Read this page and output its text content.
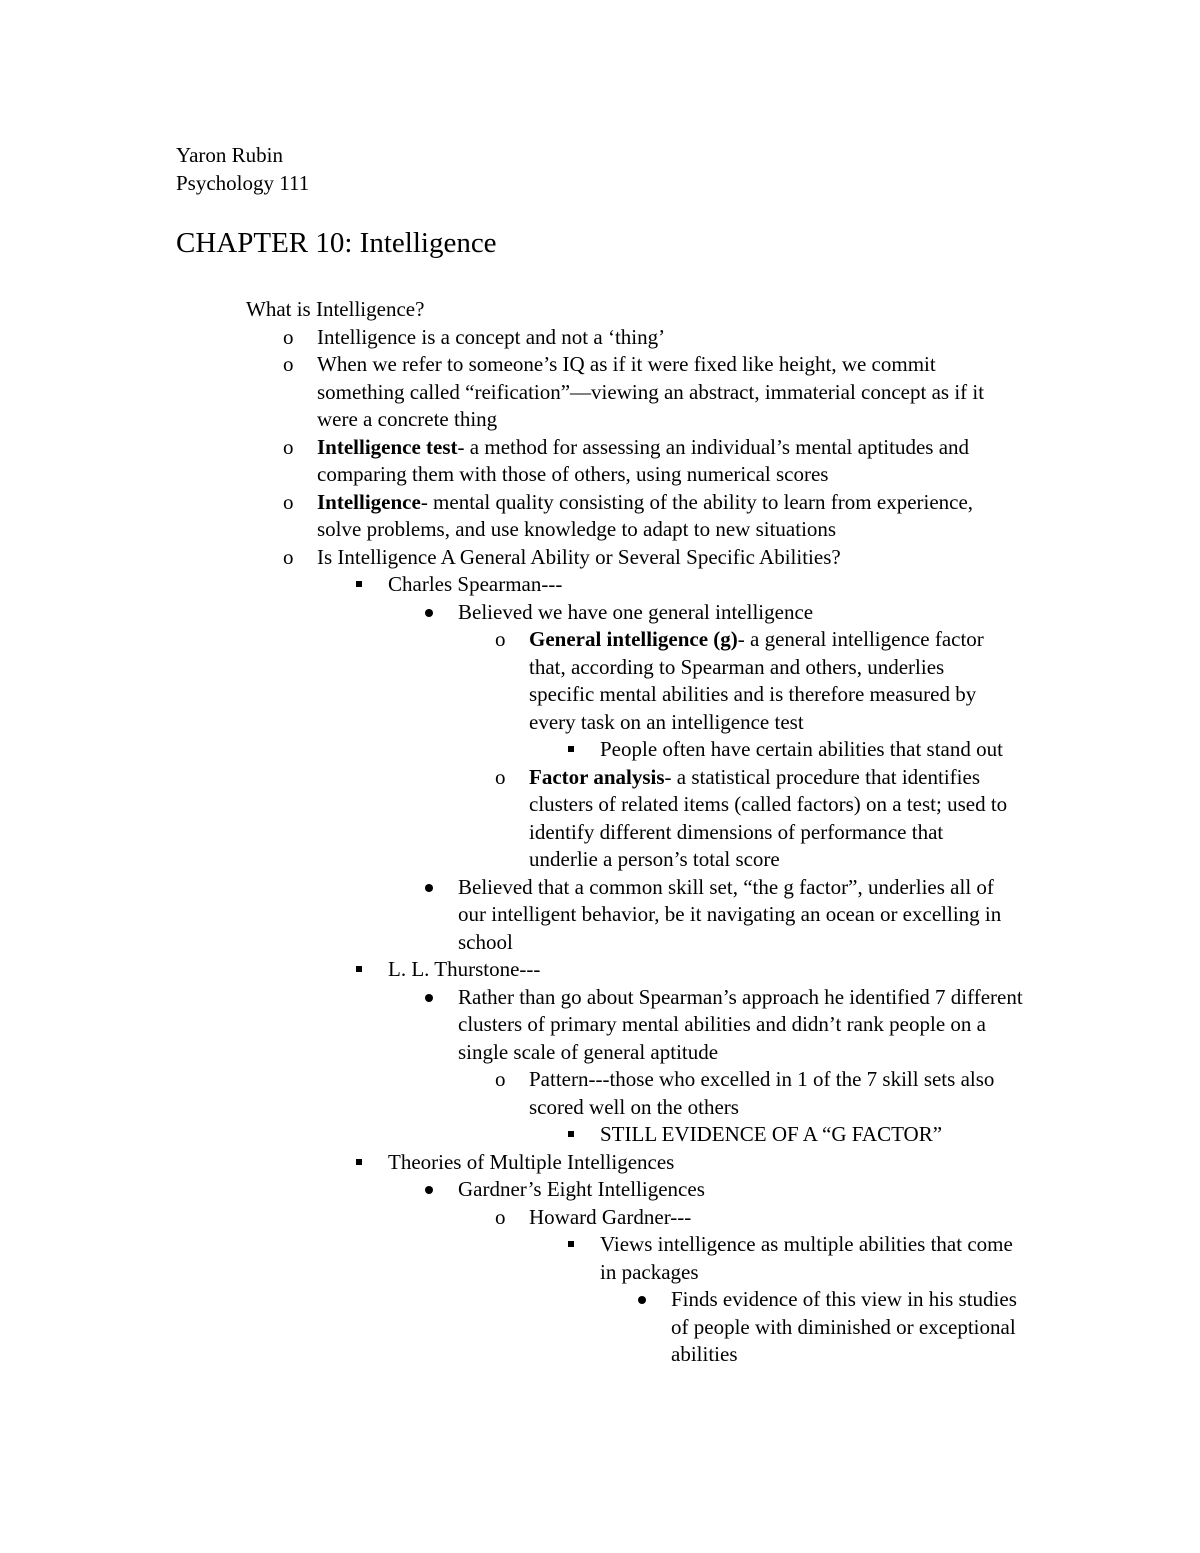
Yaron Rubin
Psychology 111
CHAPTER 10: Intelligence
What is Intelligence?
o	Intelligence is a concept and not a ‘thing’
o	When we refer to someone’s IQ as if it were fixed like height, we commit something called “reification”—viewing an abstract, immaterial concept as if it were a concrete thing
o	Intelligence test- a method for assessing an individual’s mental aptitudes and comparing them with those of others, using numerical scores
o	Intelligence- mental quality consisting of the ability to learn from experience, solve problems, and use knowledge to adapt to new situations
o	Is Intelligence A General Ability or Several Specific Abilities?
Charles Spearman---
Believed we have one general intelligence
o	General intelligence (g)- a general intelligence factor that, according to Spearman and others, underlies specific mental abilities and is therefore measured by every task on an intelligence test
People often have certain abilities that stand out
o	Factor analysis- a statistical procedure that identifies clusters of related items (called factors) on a test; used to identify different dimensions of performance that underlie a person’s total score
Believed that a common skill set, “the g factor”, underlies all of our intelligent behavior, be it navigating an ocean or excelling in school
L. L. Thurstone---
Rather than go about Spearman’s approach he identified 7 different clusters of primary mental abilities and didn’t rank people on a single scale of general aptitude
o	Pattern---those who excelled in 1 of the 7 skill sets also scored well on the others
STILL EVIDENCE OF A “G FACTOR”
Theories of Multiple Intelligences
Gardner’s Eight Intelligences
o	Howard Gardner---
Views intelligence as multiple abilities that come in packages
Finds evidence of this view in his studies of people with diminished or exceptional abilities
